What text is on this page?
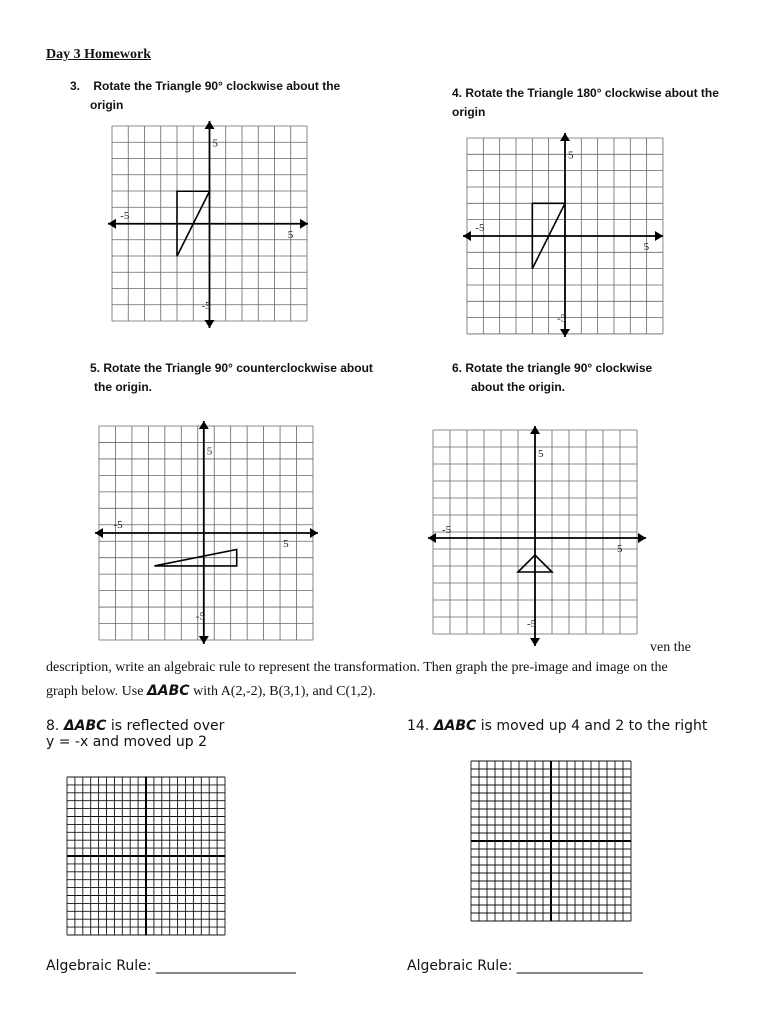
Day 3 Homework
3. Rotate the Triangle 90° clockwise about the
origin
5
-5
5
-5
4. Rotate the Triangle 180° clockwise about the
origin
5
-5
5
-5
5. Rotate the Triangle 90° counterclockwise about
the origin.
5
-5
5
-5
6. Rotate the triangle 90° clockwise
about the origin.
5
-5
5
-5
ven the
description, write an algebraic rule to represent the transformation. Then graph the pre-image and image on the
graph below. Use ΔABC with A(2,-2), B(3,1), and C(1,2).
8. ΔABC is reflected over
y = -x and moved up 2
14. ΔABC is moved up 4 and 2 to the right
Algebraic Rule: ____________________	Algebraic Rule: __________________
